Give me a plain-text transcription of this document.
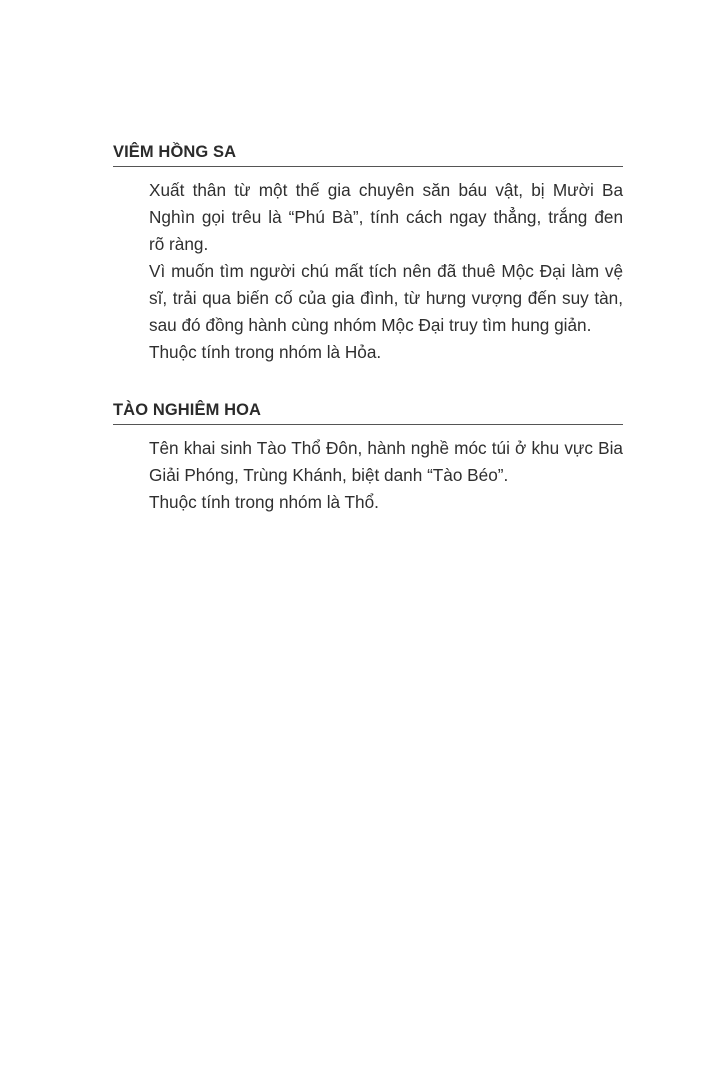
VIÊM HỒNG SA

Xuất thân từ một thế gia chuyên săn báu vật, bị Mười Ba
Nghìn gọi trêu là “Phú Bà”, tính cách ngay thẳng, trắng đen
rõ ràng.

Vì muốn tìm người chú mất tích nên đã thuê Mộc Đại làm vệ
sĩ, trải qua biến cố của gia đình, từ hưng vượng đến suy tàn,
sau đó đồng hành cùng nhóm Mộc Đại truy tìm hung giản.

Thuộc tính trong nhóm là Hỏa.

TÀO NGHIÊM HOA

Tên khai sinh Tào Thổ Đôn, hành nghề móc túi ở khu vực Bia
Giải Phóng, Trùng Khánh, biệt danh “Tào Béo”.

Thuộc tính trong nhóm là Thổ.
